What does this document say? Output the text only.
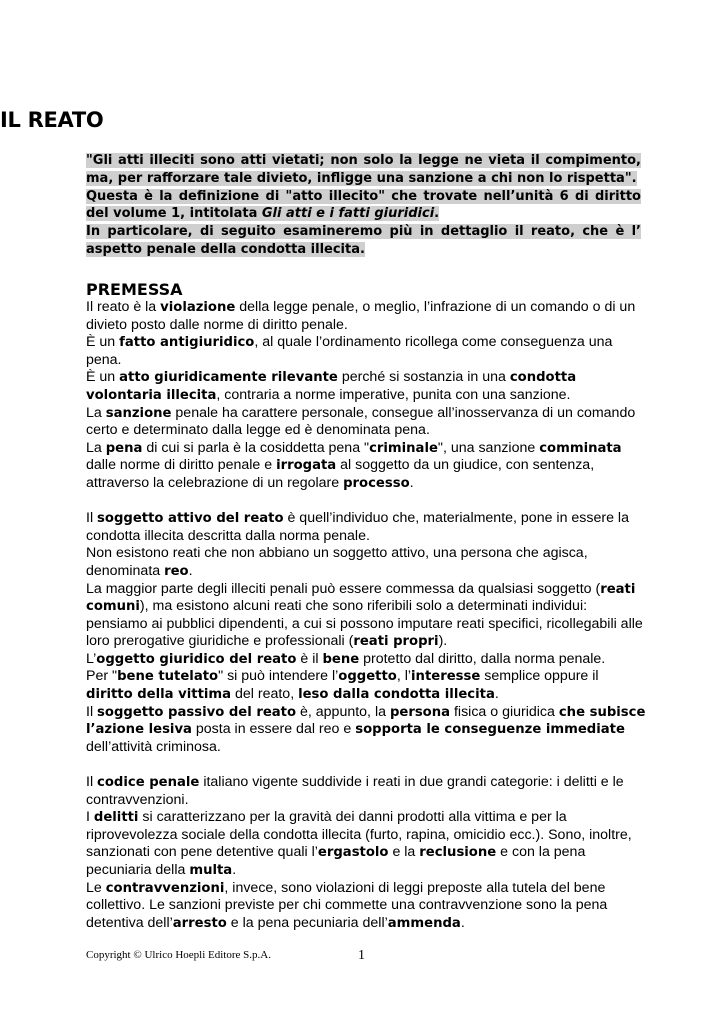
IL REATO
"Gli atti illeciti sono atti vietati; non solo la legge ne vieta il compimento, ma, per rafforzare tale divieto, infligge una sanzione a chi non lo rispetta".
Questa è la definizione di "atto illecito" che trovate nell’unità 6 di diritto del volume 1, intitolata Gli atti e i fatti giuridici.
In particolare, di seguito esamineremo più in dettaglio il reato, che è l’ aspetto penale della condotta illecita.
PREMESSA

Il reato è la violazione della legge penale, o meglio, l’infrazione di un comando o di un divieto posto dalle norme di diritto penale.

È un fatto antigiuridico, al quale l’ordinamento ricollega come conseguenza una pena.

È un atto giuridicamente rilevante perché si sostanzia in una condotta volontaria illecita, contraria a norme imperative, punita con una sanzione.

La sanzione penale ha carattere personale, consegue all’inosservanza di un comando certo e determinato dalla legge ed è denominata pena.

La pena di cui si parla è la cosiddetta pena "criminale", una sanzione comminata dalle norme di diritto penale e irrogata al soggetto da un giudice, con sentenza, attraverso la celebrazione di un regolare processo.

Il soggetto attivo del reato è quell’individuo che, materialmente, pone in essere la condotta illecita descritta dalla norma penale.

Non esistono reati che non abbiano un soggetto attivo, una persona che agisca, denominata reo.

La maggior parte degli illeciti penali può essere commessa da qualsiasi soggetto (reati comuni), ma esistono alcuni reati che sono riferibili solo a determinati individui: pensiamo ai pubblici dipendenti, a cui si possono imputare reati specifici, ricollegabili alle loro prerogative giuridiche e professionali (reati propri).

L’oggetto giuridico del reato è il bene protetto dal diritto, dalla norma penale.

Per "bene tutelato" si può intendere l’oggetto, l’interesse semplice oppure il diritto della vittima del reato, leso dalla condotta illecita.

Il soggetto passivo del reato è, appunto, la persona fisica o giuridica che subisce l’azione lesiva posta in essere dal reo e sopporta le conseguenze immediate dell’attività criminosa.

Il codice penale italiano vigente suddivide i reati in due grandi categorie: i delitti e le contravvenzioni.

I delitti si caratterizzano per la gravità dei danni prodotti alla vittima e per la riprovevolezza sociale della condotta illecita (furto, rapina, omicidio ecc.). Sono, inoltre, sanzionati con pene detentive quali l’ergastolo e la reclusione e con la pena pecuniaria della multa.

Le contravvenzioni, invece, sono violazioni di leggi preposte alla tutela del bene collettivo. Le sanzioni previste per chi commette una contravvenzione sono la pena detentiva dell’arresto e la pena pecuniaria dell’ammenda.

Copyright © Ulrico Hoepli Editore S.p.A.	1
